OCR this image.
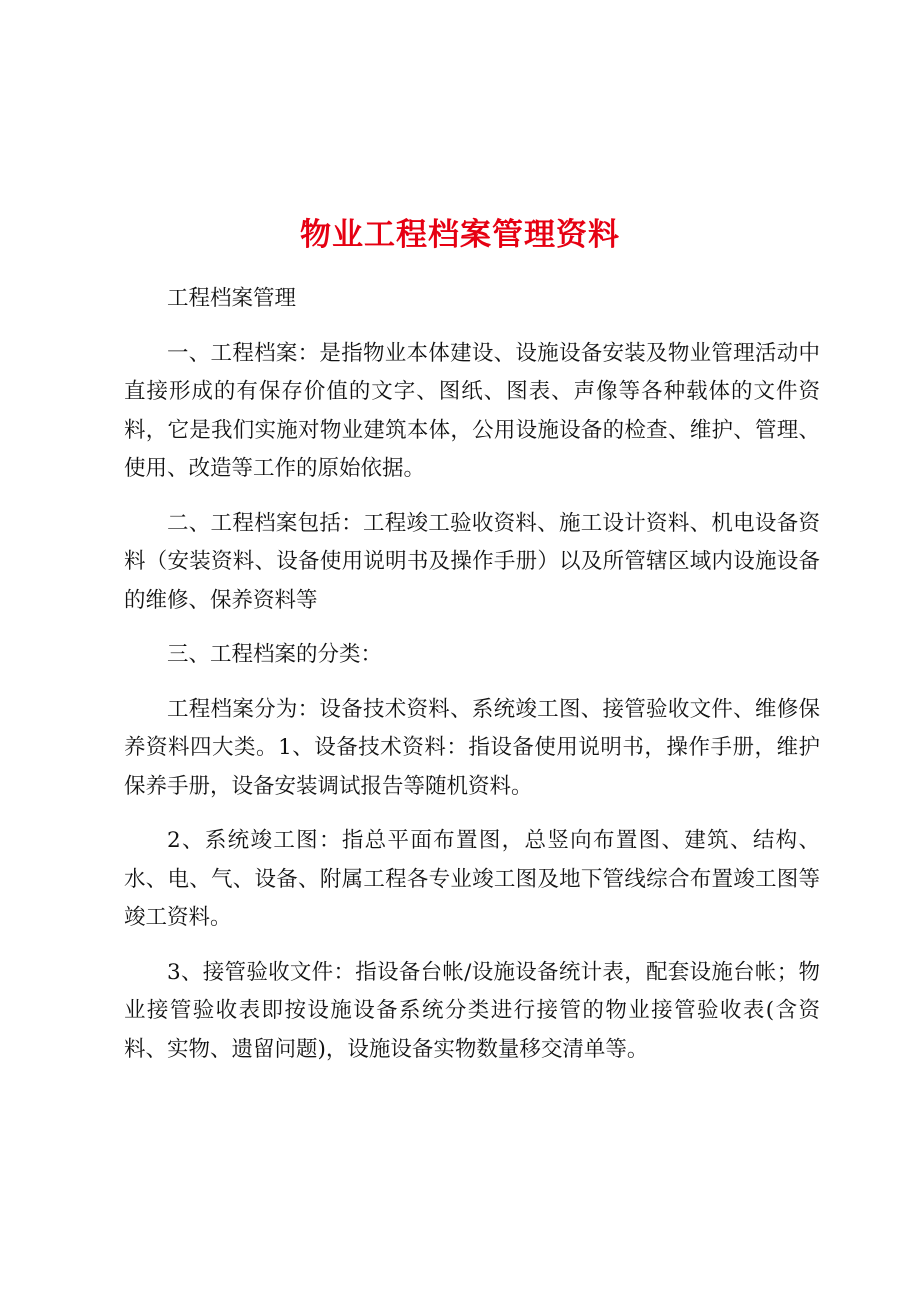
物业工程档案管理资料

工程档案管理

一、工程档案：是指物业本体建设、设施设备安装及物业管理活动中直接形成的有保存价值的文字、图纸、图表、声像等各种载体的文件资料，它是我们实施对物业建筑本体，公用设施设备的检查、维护、管理、使用、改造等工作的原始依据。

二、工程档案包括：工程竣工验收资料、施工设计资料、机电设备资料（安装资料、设备使用说明书及操作手册）以及所管辖区域内设施设备的维修、保养资料等

三、工程档案的分类：

工程档案分为：设备技术资料、系统竣工图、接管验收文件、维修保养资料四大类。1、设备技术资料：指设备使用说明书，操作手册，维护保养手册，设备安装调试报告等随机资料。

2、系统竣工图：指总平面布置图，总竖向布置图、建筑、结构、水、电、气、设备、附属工程各专业竣工图及地下管线综合布置竣工图等竣工资料。

3、接管验收文件：指设备台帐/设施设备统计表，配套设施台帐；物业接管验收表即按设施设备系统分类进行接管的物业接管验收表(含资料、实物、遗留问题)，设施设备实物数量移交清单等。
